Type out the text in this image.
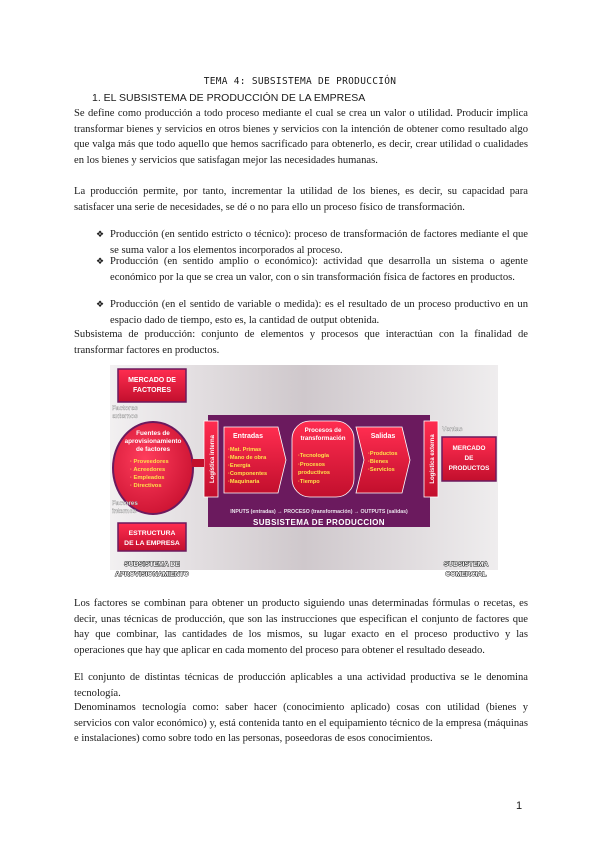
TEMA 4: SUBSISTEMA DE PRODUCCIÓN
1. EL SUBSISTEMA DE PRODUCCIÓN DE LA EMPRESA

Se define como producción a todo proceso mediante el cual se crea un valor o utilidad. Producir implica transformar bienes y servicios en otros bienes y servicios con la intención de obtener como resultado algo que valga más que todo aquello que hemos sacrificado para obtenerlo, es decir, crear utilidad o cualidades en los bienes y servicios que satisfagan mejor las necesidades humanas.

La producción permite, por tanto, incrementar la utilidad de los bienes, es decir, su capacidad para satisfacer una serie de necesidades, se dé o no para ello un proceso físico de transformación.

❖ Producción (en sentido estricto o técnico): proceso de transformación de factores mediante el que se suma valor a los elementos incorporados al proceso.
❖ Producción (en sentido amplio o económico): actividad que desarrolla un sistema o agente económico por la que se crea un valor, con o sin transformación física de factores en productos.
❖ Producción (en el sentido de variable o medida): es el resultado de un proceso productivo en un espacio dado de tiempo, esto es, la cantidad de output obtenida.

Subsistema de producción: conjunto de elementos y procesos que interactúan con la finalidad de transformar factores en productos.

MERCADO DE
FACTORES
Factores
externos
Fuentes de
aprovisionamiento
de factores
· Proveedores
· Acreedores
· Empleados
· Directivos
Factores
internos
ESTRUCTURA
DE LA EMPRESA
Logística interna Entradas
·Mat. Primas
·Mano de obra
·Energía
·Componentes
·Maquinaria
Procesos de
transformación
·Tecnología
·Procesos
productivos
·Tiempo
Salidas
·Productos
·Bienes
·Servicios	Logística externa
Ventas
MERCADO
DE
PRODUCTOS
INPUTS (entradas) → PROCESO (transformación) → OUTPUTS (salidas)
SUBSISTEMA DE PRODUCCION
SUBSISTEMA DE
APROVISIONAMIENTO
SUBSISTEMA
COMERCIAL

Los factores se combinan para obtener un producto siguiendo unas determinadas fórmulas o recetas, es decir, unas técnicas de producción, que son las instrucciones que especifican el conjunto de factores que hay que combinar, las cantidades de los mismos, su lugar exacto en el proceso productivo y las operaciones que hay que aplicar en cada momento del proceso para obtener el resultado deseado.

El conjunto de distintas técnicas de producción aplicables a una actividad productiva se le denomina tecnología.

Denominamos tecnología como: saber hacer (conocimiento aplicado) cosas con utilidad (bienes y servicios con valor económico) y, está contenida tanto en el equipamiento técnico de la empresa (máquinas e instalaciones) como sobre todo en las personas, poseedoras de esos conocimientos.

1
